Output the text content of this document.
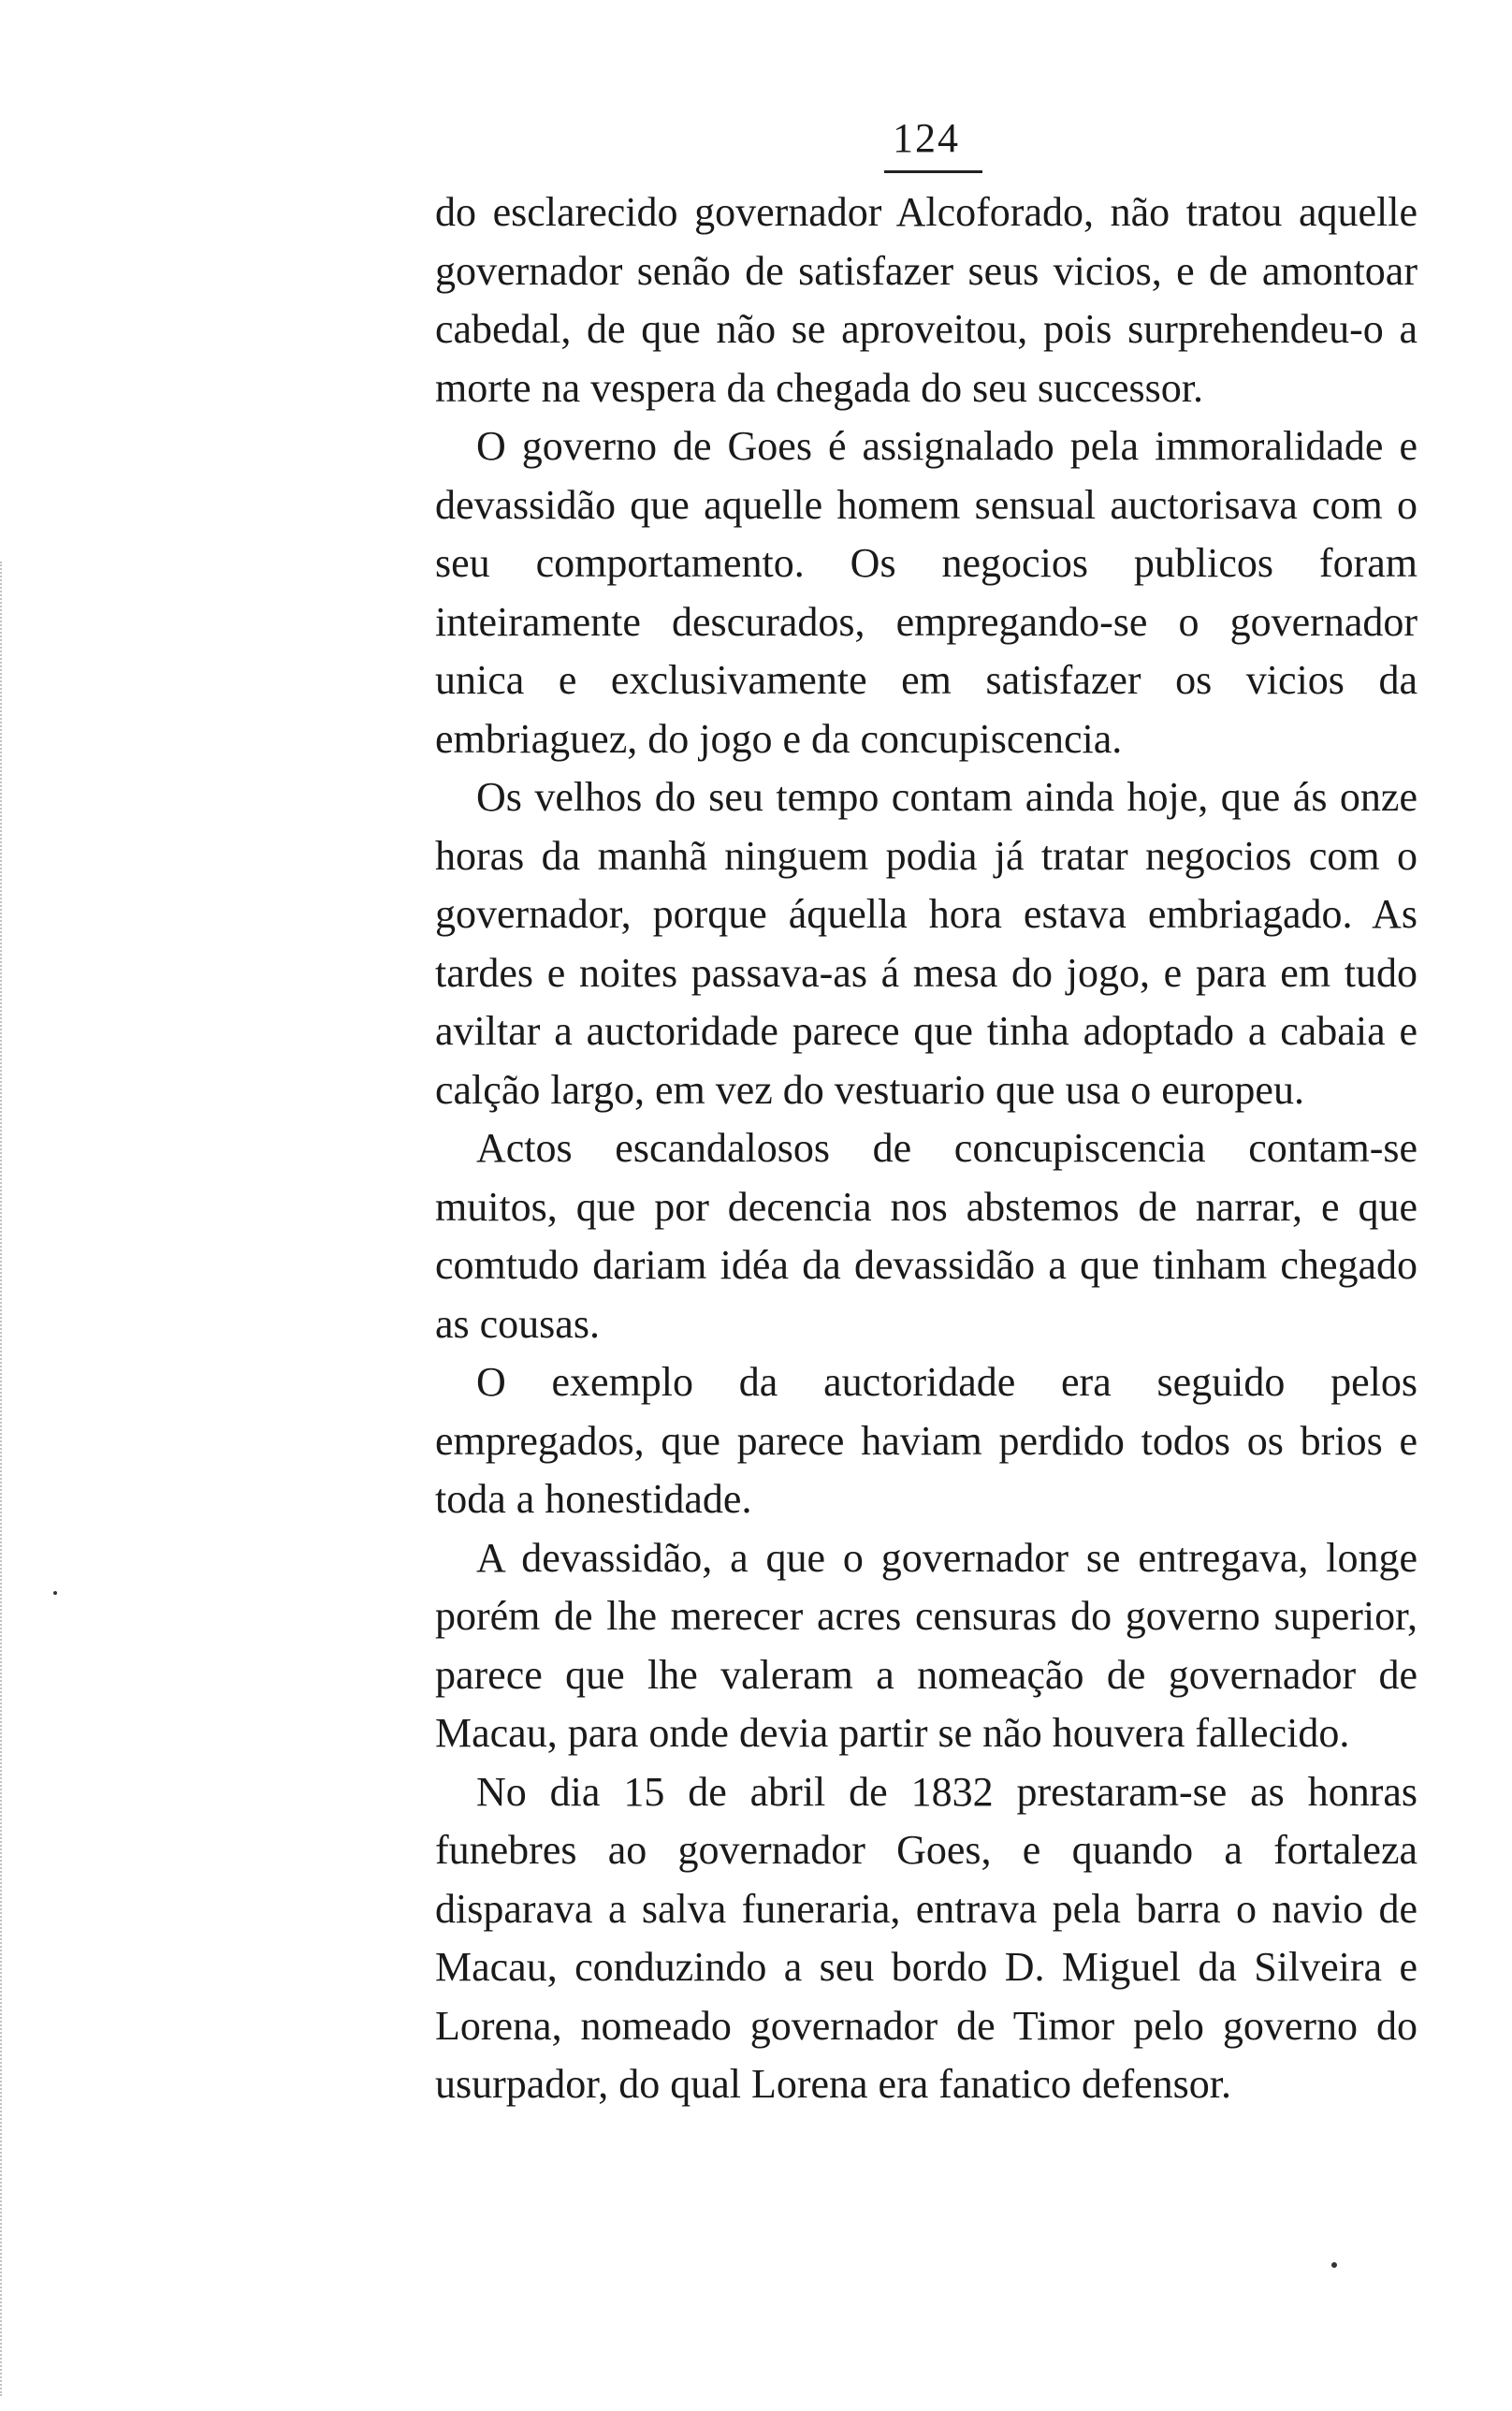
124

do esclarecido governador Alcoforado, não tratou aquelle governador senão de satisfazer seus vicios, e de amontoar cabedal, de que não se aproveitou, pois surprehendeu-o a morte na vespera da chegada do seu successor.

O governo de Goes é assignalado pela immoralidade e devassidão que aquelle homem sensual auctorisava com o seu comportamento. Os negocios publicos foram inteiramente descurados, empregando-se o governador unica e exclusivamente em satisfazer os vicios da embriaguez, do jogo e da concupiscencia.

Os velhos do seu tempo contam ainda hoje, que ás onze horas da manhã ninguem podia já tratar negocios com o governador, porque áquella hora estava embriagado. As tardes e noites passava-as á mesa do jogo, e para em tudo aviltar a auctoridade parece que tinha adoptado a cabaia e calção largo, em vez do vestuario que usa o europeu.

Actos escandalosos de concupiscencia contam-se muitos, que por decencia nos abstemos de narrar, e que comtudo dariam idéa da devassidão a que tinham chegado as cousas.

O exemplo da auctoridade era seguido pelos empregados, que parece haviam perdido todos os brios e toda a honestidade.

A devassidão, a que o governador se entregava, longe porém de lhe merecer acres censuras do governo superior, parece que lhe valeram a nomeação de governador de Macau, para onde devia partir se não houvera fallecido.

No dia 15 de abril de 1832 prestaram-se as honras funebres ao governador Goes, e quando a fortaleza disparava a salva funeraria, entrava pela barra o navio de Macau, conduzindo a seu bordo D. Miguel da Silveira e Lorena, nomeado governador de Timor pelo governo do usurpador, do qual Lorena era fanatico defensor.
